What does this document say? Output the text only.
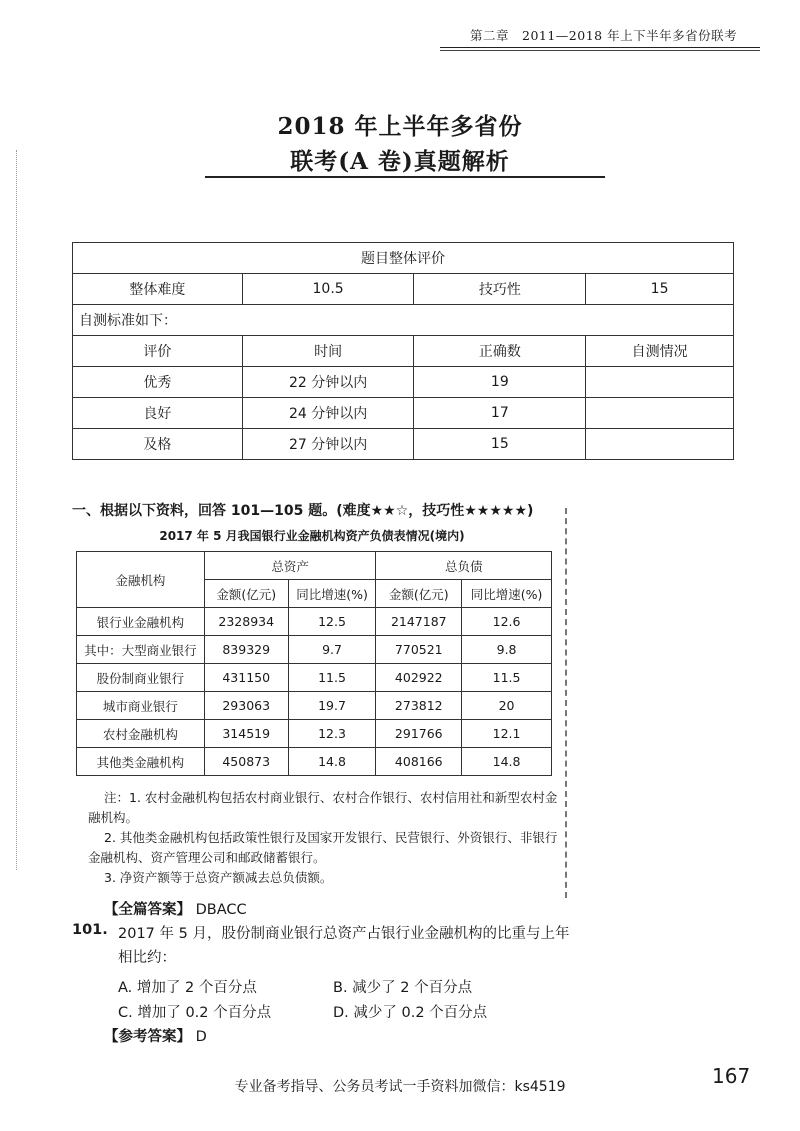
第二章　2011—2018 年上下半年多省份联考
2018 年上半年多省份
联考(A 卷)真题解析
题目整体评价			
整体难度	10.5	技巧性	15
自测标准如下：			
评价	时间	正确数	自测情况
优秀	22 分钟以内	19	
良好	24 分钟以内	17	
及格	27 分钟以内	15	
一、根据以下资料，回答 101—105 题。(难度★★☆，技巧性★★★★★)
2017 年 5 月我国银行业金融机构资产负债表情况(境内)
金融机构	总资产		总负债	
	金额(亿元)	同比增速(%)	金额(亿元)	同比增速(%)
银行业金融机构	2328934	12.5	2147187	12.6
其中：大型商业银行	839329	9.7	770521	9.8
股份制商业银行	431150	11.5	402922	11.5
城市商业银行	293063	19.7	273812	20
农村金融机构	314519	12.3	291766	12.1
其他类金融机构	450873	14.8	408166	14.8

注：1. 农村金融机构包括农村商业银行、农村合作银行、农村信用社和新型农村金融机构。

2. 其他类金融机构包括政策性银行及国家开发银行、民营银行、外资银行、非银行金融机构、资产管理公司和邮政储蓄银行。

3. 净资产额等于总资产额减去总负债额。

【全篇答案】 DBACC
101. 2017 年 5 月，股份制商业银行总资产占银行业金融机构的比重与上年相比约：
A. 增加了 2 个百分点	B. 减少了 2 个百分点
C. 增加了 0.2 个百分点	D. 减少了 0.2 个百分点
【参考答案】 D
专业备考指导、公务员考试一手资料加微信：ks4519	167
